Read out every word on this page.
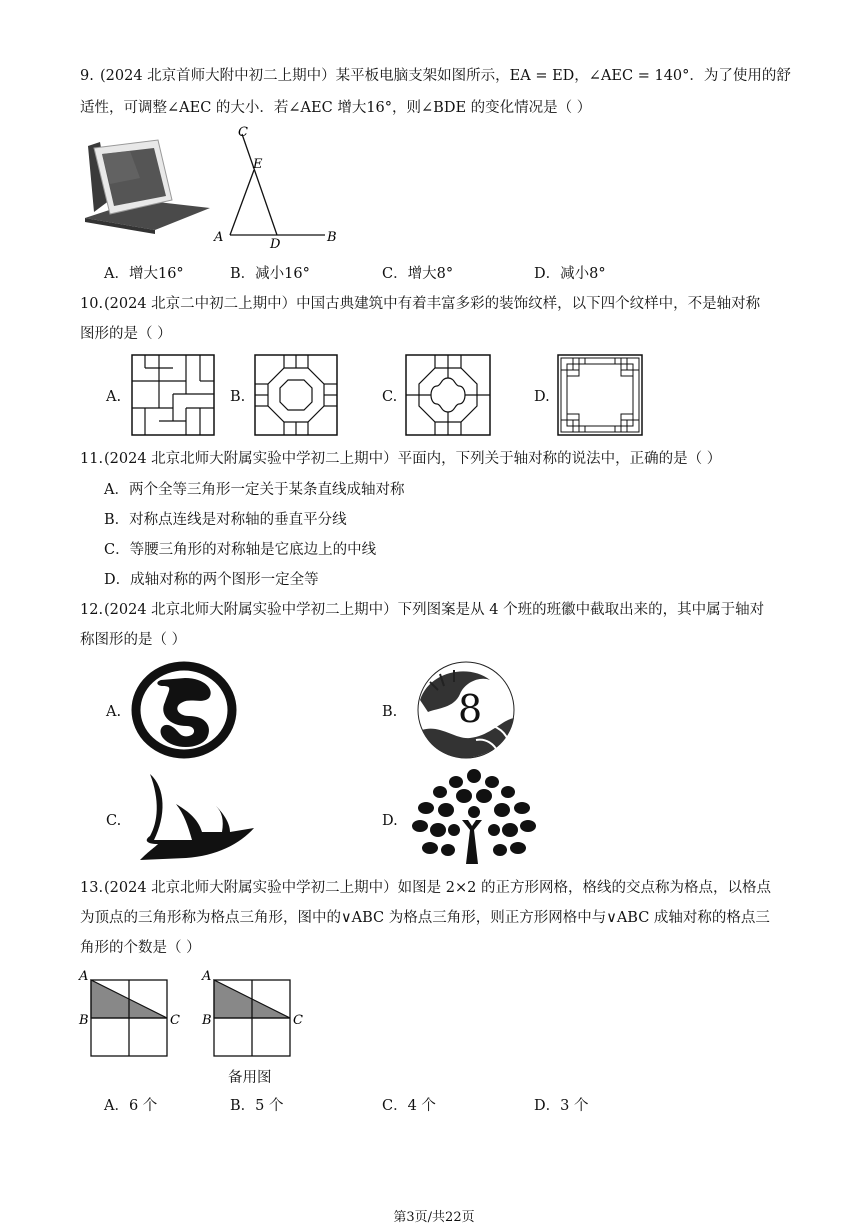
9. (2024 北京首师大附中初二上期中）某平板电脑支架如图所示，EA = ED，∠AEC = 140°．为了使用的舒
适性，可调整∠AEC 的大小．若∠AEC 增大16°，则∠BDE 的变化情况是（ ）
C
E
A	D	B
A．增大16°	B．减小16°	C．增大8°	D．减小8°
10. (2024 北京二中初二上期中）中国古典建筑中有着丰富多彩的装饰纹样，以下四个纹样中，不是轴对称
图形的是（ ）
A.	B.	C.	D.
11. (2024 北京北师大附属实验中学初二上期中）平面内，下列关于轴对称的说法中，正确的是（ ）
A．两个全等三角形一定关于某条直线成轴对称
B．对称点连线是对称轴的垂直平分线
C．等腰三角形的对称轴是它底边上的中线
D．成轴对称的两个图形一定全等
12. (2024 北京北师大附属实验中学初二上期中）下列图案是从 4 个班的班徽中截取出来的，其中属于轴对
称图形的是（ ）
A.	B. 8
C.	D.
13. (2024 北京北师大附属实验中学初二上期中）如图是 2×2 的正方形网格，格线的交点称为格点，以格点
为顶点的三角形称为格点三角形，图中的∨ABC 为格点三角形，则正方形网格中与∨ABC 成轴对称的格点三
角形的个数是（ ）
A
B	C
A
B	C
备用图
A．6 个	B．5 个	C．4 个	D．3 个
第3页/共22页
